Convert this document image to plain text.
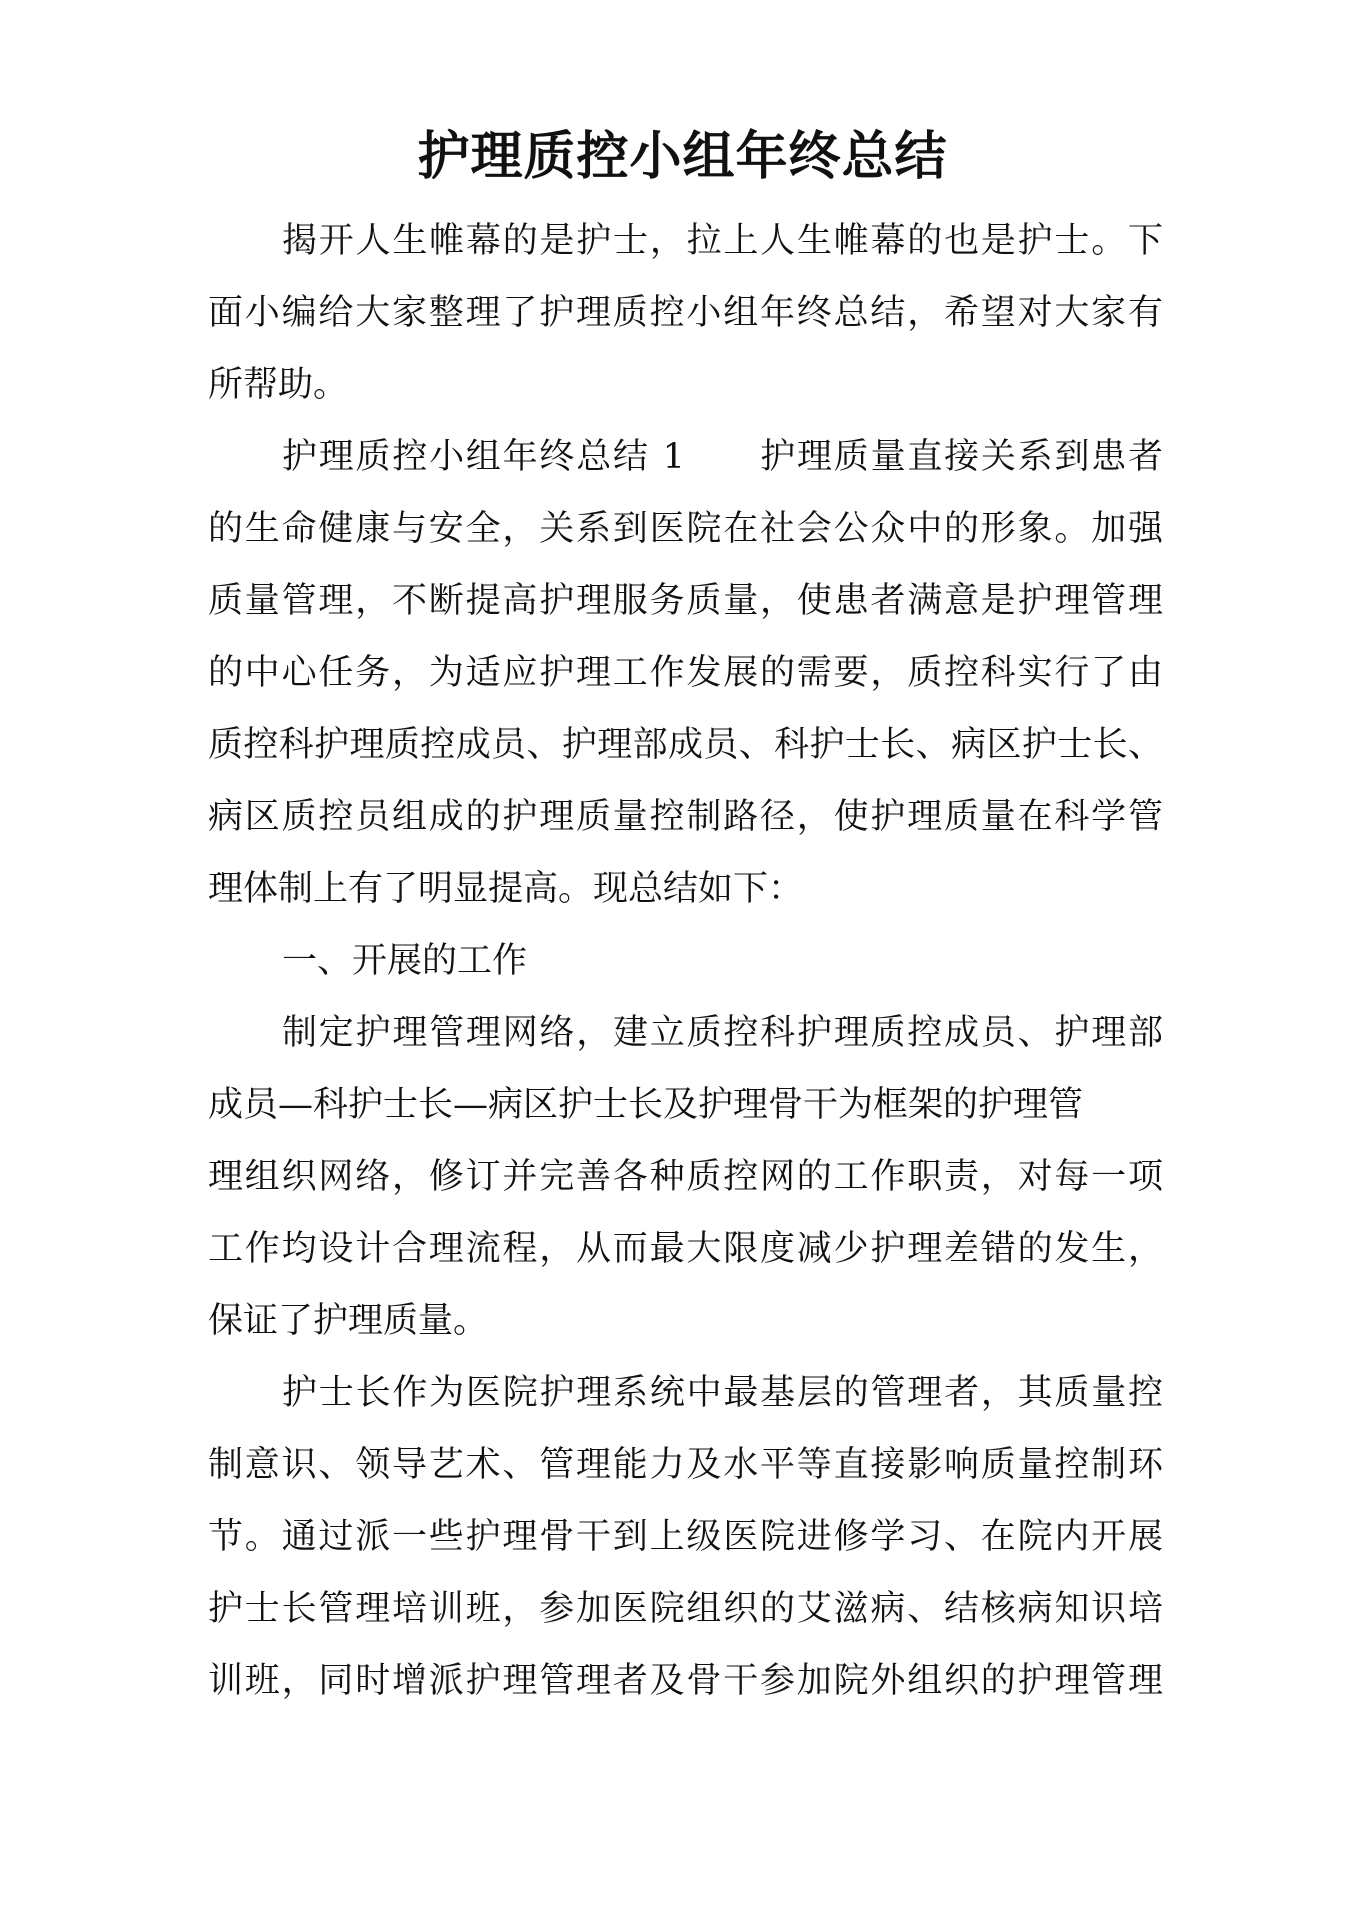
护理质控小组年终总结

揭开人生帷幕的是护士，拉上人生帷幕的也是护士。下

面小编给大家整理了护理质控小组年终总结，希望对大家有

所帮助。

护理质控小组年终总结 1　　护理质量直接关系到患者

的生命健康与安全，关系到医院在社会公众中的形象。加强

质量管理，不断提高护理服务质量，使患者满意是护理管理

的中心任务，为适应护理工作发展的需要，质控科实行了由

质控科护理质控成员、护理部成员、科护士长、病区护士长、

病区质控员组成的护理质量控制路径，使护理质量在科学管

理体制上有了明显提高。现总结如下：

一、开展的工作

制定护理管理网络，建立质控科护理质控成员、护理部

成员—科护士长—病区护士长及护理骨干为框架的护理管

理组织网络，修订并完善各种质控网的工作职责，对每一项

工作均设计合理流程，从而最大限度减少护理差错的发生，

保证了护理质量。

护士长作为医院护理系统中最基层的管理者，其质量控

制意识、领导艺术、管理能力及水平等直接影响质量控制环

节。通过派一些护理骨干到上级医院进修学习、在院内开展

护士长管理培训班，参加医院组织的艾滋病、结核病知识培

训班，同时增派护理管理者及骨干参加院外组织的护理管理
